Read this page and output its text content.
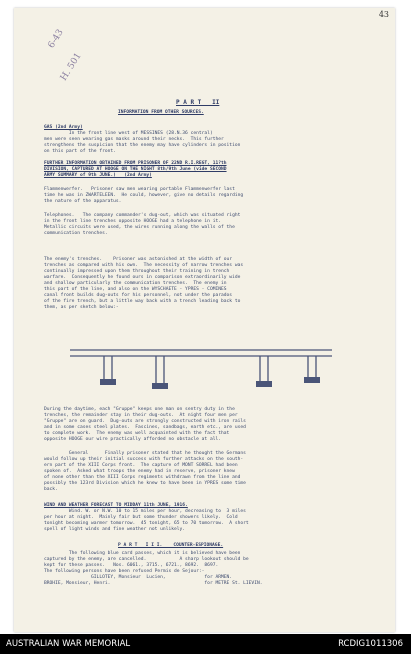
6-43
H. 501
43
P A R T   II
INFORMATION FROM OTHER SOURCES.
GAS (2nd Army)
In the front line west of MESSINES (28.N.36 central)
men were seen wearing gas masks around their necks.  This further
strengthens the suspicion that the enemy may have cylinders in position
on this part of the front.
FURTHER INFORMATION OBTAINED FROM PRISONER OF 22ND R.I.REGT, 11?th
DIVISION, CAPTURED AT HOOGE ON THE NIGHT 8th/9th June (vide SECOND
ARMY SUMMARY of 9th JUNE.)   (2nd Army)
Flammenwerfer.   Prisoner saw men wearing portable Flammenwerfer last
time he was in ZWARTELEEN.  He could, however, give no details regarding
the nature of the apparatus.
Telephones.   The company commander's dug-out, which was situated right
in the front line trenches opposite HOOGE had a telephone in it.
Metallic circuits were used, the wires running along the walls of the
communication trenches.
The enemy's trenches.    Prisoner was astonished at the width of our
trenches as compared with his own.  The necessity of narrow trenches was
continually impressed upon them throughout their training in trench
warfare.  Consequently he found ours in comparison extraordinarily wide
and shallow particularly the communication trenches.  The enemy in
this part of the line, and also on the WYSCHAETE - YPRES - COMINES
canal front builds dug-outs for his personnel, not under the parados
of the fire trench, but a little way back with a trench leading back to
them, as per sketch below:-
During the daytime, each "Gruppe" keeps one man on sentry duty in the
trenches, the remainder stay in their dug-outs.  At night four men per
"Gruppe" are on guard.  Dug-outs are strongly constructed with iron rails
and in some cases steel plates.  Fascines, sandbags, earth etc., are used
to complete work.  The enemy was well acquainted with the fact that
opposite HOOGE our wire practically afforded no obstacle at all.
General      Finally prisoner stated that he thought the Germans
would follow up their initial success with further attacks on the south-
ern part of the XIII Corps front.  The capture of MONT SORREL had been
spoken of.  Asked what troops the enemy had in reserve, prisoner knew
of none other than the XIII Corps regiments withdrawn from the line and
possibly the 123rd Division which he knew to have been in YPRES some time
back.
WIND AND WEATHER FORECAST TO MIDDAY 11th JUNE, 1916.
Wind. W. or N.W. 10 to 15 miles per hour, decreasing to  3 miles
per hour at night.  Mainly fair but some thunder showers likely.  Cold
tonight becoming warmer tomorrow.  45 tonight, 65 to 70 tomorrow.  A short
spell of light winds and fine weather not unlikely.
P A R T   I I I.    COUNTER-ESPIONAGE.
The following blue card passes, which it is believed have been
captured by the enemy, are cancelled.            A sharp lookout should be
kept for these passes.   Nos. 6061., 3715., 6721., 8692.  8697.
The following persons have been refused Permis de Sejour:-
GILLOTEY, Monsieur  Lucien,              for ARMEN.
BROHIE, Monsieur, Henri.                                  for METRE St. LIEVIN.
AUSTRALIAN WAR MEMORIAL	RCDIG1011306
